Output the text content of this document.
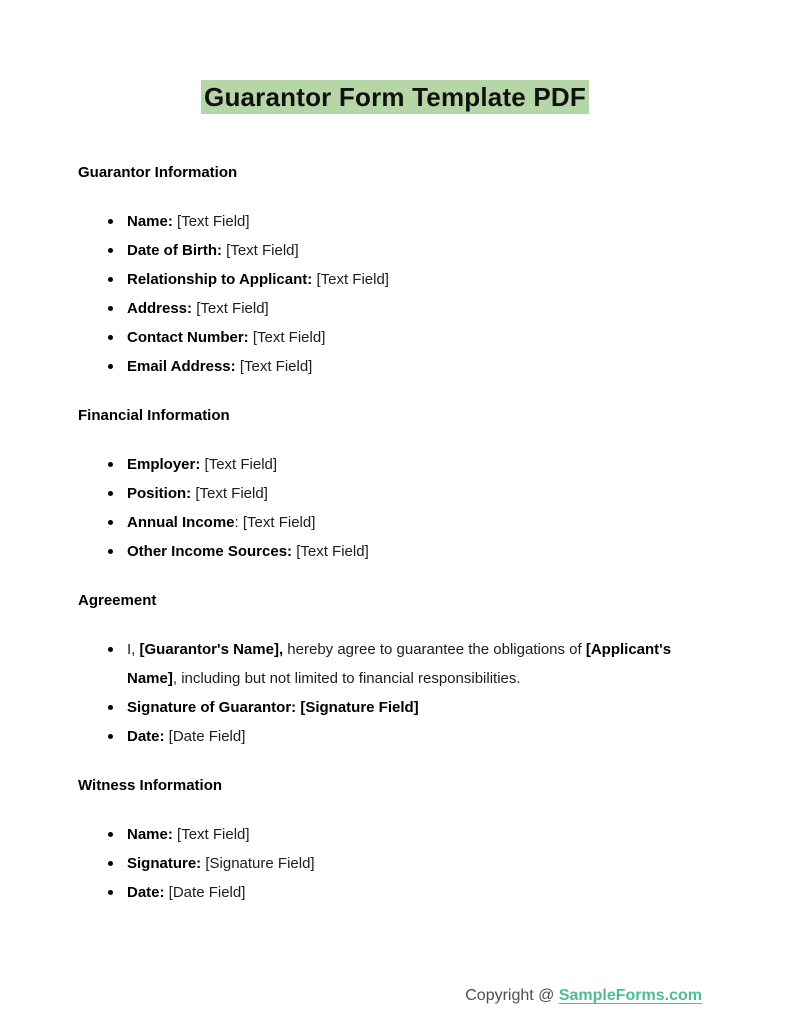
Guarantor Form Template PDF
Guarantor Information
Name: [Text Field]
Date of Birth: [Text Field]
Relationship to Applicant: [Text Field]
Address: [Text Field]
Contact Number: [Text Field]
Email Address: [Text Field]
Financial Information
Employer: [Text Field]
Position: [Text Field]
Annual Income: [Text Field]
Other Income Sources: [Text Field]
Agreement
I, [Guarantor's Name], hereby agree to guarantee the obligations of [Applicant's Name], including but not limited to financial responsibilities.
Signature of Guarantor: [Signature Field]
Date: [Date Field]
Witness Information
Name: [Text Field]
Signature: [Signature Field]
Date: [Date Field]
Copyright @ SampleForms.com
